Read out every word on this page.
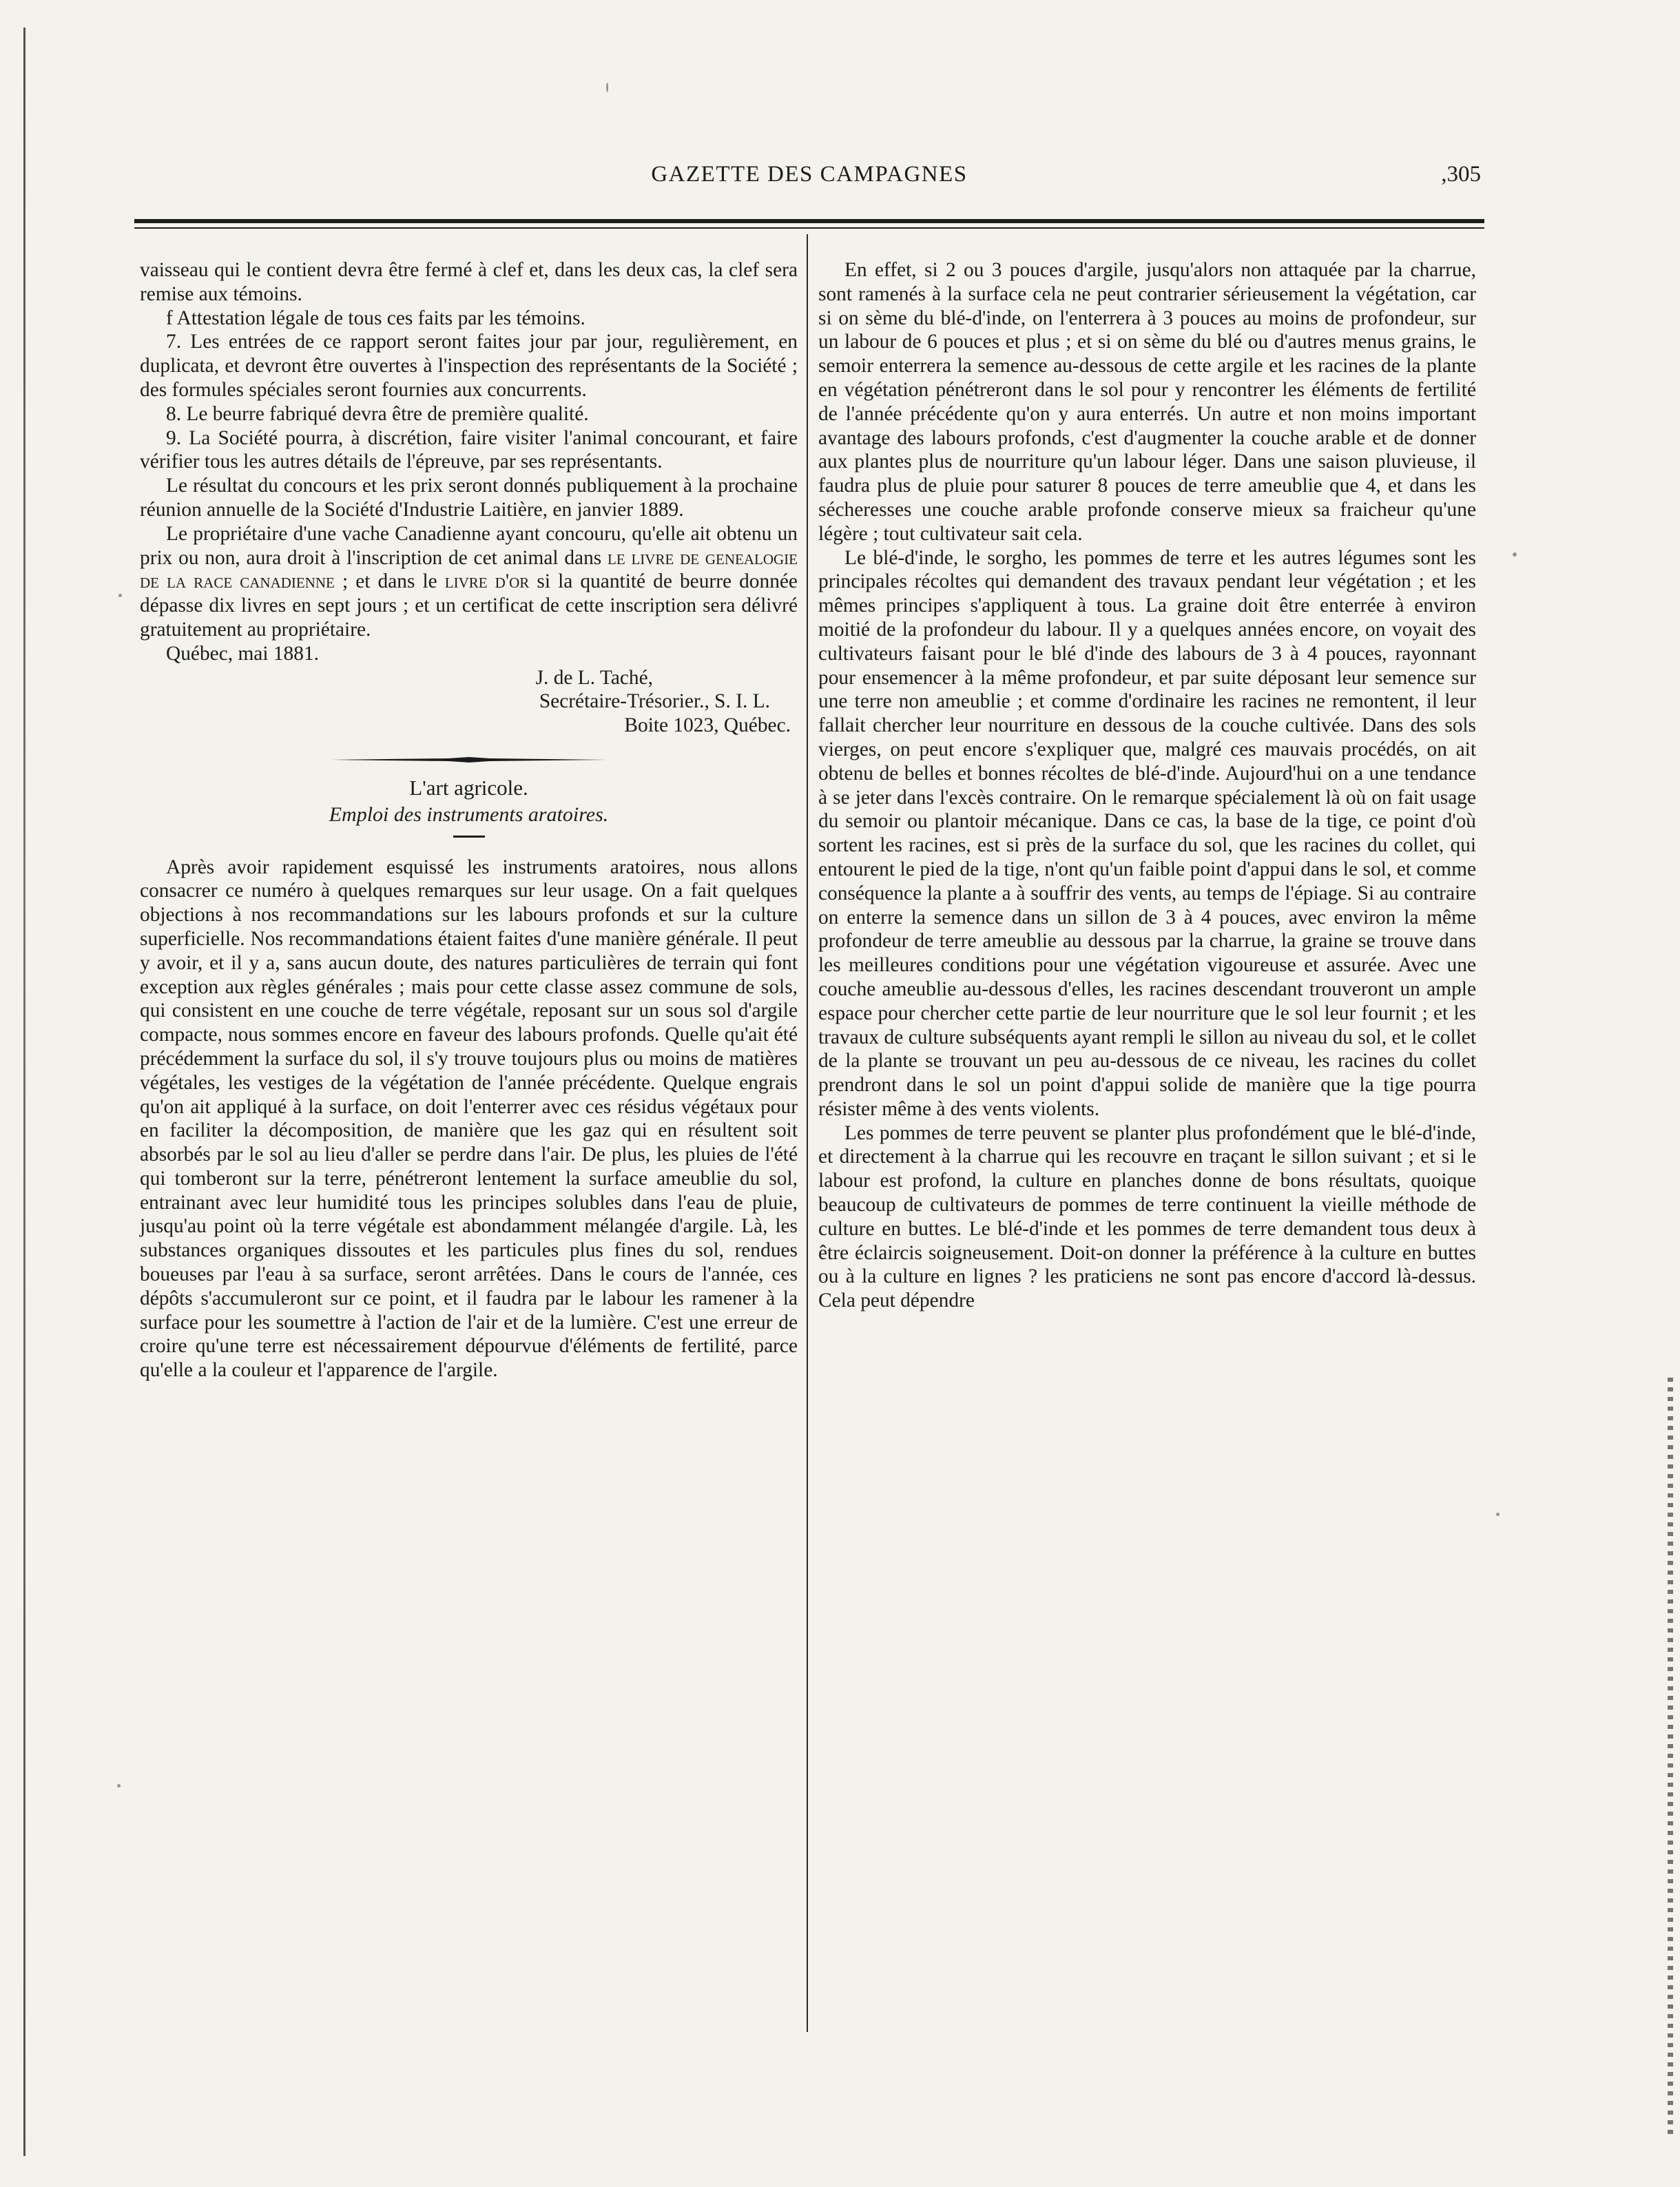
GAZETTE DES CAMPAGNES	,305

vaisseau qui le contient devra être fermé à clef et, dans les deux cas, la clef sera remise aux témoins.

f Attestation légale de tous ces faits par les témoins.

7. Les entrées de ce rapport seront faites jour par jour, regulièrement, en duplicata, et devront être ouvertes à l'inspection des représentants de la Société ; des formules spéciales seront fournies aux concurrents.

8. Le beurre fabriqué devra être de première qualité.

9. La Société pourra, à discrétion, faire visiter l'animal concourant, et faire vérifier tous les autres détails de l'épreuve, par ses représentants.

Le résultat du concours et les prix seront donnés publiquement à la prochaine réunion annuelle de la Société d'Industrie Laitière, en janvier 1889.

Le propriétaire d'une vache Canadienne ayant concouru, qu'elle ait obtenu un prix ou non, aura droit à l'inscription de cet animal dans le livre de genealogie de la race canadienne ; et dans le livre d'or si la quantité de beurre donnée dépasse dix livres en sept jours ; et un certificat de cette inscription sera délivré gratuitement au propriétaire.

Québec, mai 1881.

J. de L. Taché,
Secrétaire-Trésorier., S. I. L.
Boite 1023, Québec.
L'art agricole.
Emploi des instruments aratoires.

Après avoir rapidement esquissé les instruments aratoires, nous allons consacrer ce numéro à quelques remarques sur leur usage. On a fait quelques objections à nos recommandations sur les labours profonds et sur la culture superficielle. Nos recommandations étaient faites d'une manière générale. Il peut y avoir, et il y a, sans aucun doute, des natures particulières de terrain qui font exception aux règles générales ; mais pour cette classe assez commune de sols, qui consistent en une couche de terre végétale, reposant sur un sous sol d'argile compacte, nous sommes encore en faveur des labours profonds. Quelle qu'ait été précédemment la surface du sol, il s'y trouve toujours plus ou moins de matières végétales, les vestiges de la végétation de l'année précédente. Quelque engrais qu'on ait appliqué à la surface, on doit l'enterrer avec ces résidus végétaux pour en faciliter la décomposition, de manière que les gaz qui en résultent soit absorbés par le sol au lieu d'aller se perdre dans l'air. De plus, les pluies de l'été qui tomberont sur la terre, pénétreront lentement la surface ameublie du sol, entrainant avec leur humidité tous les principes solubles dans l'eau de pluie, jusqu'au point où la terre végétale est abondamment mélangée d'argile. Là, les substances organiques dissoutes et les particules plus fines du sol, rendues boueuses par l'eau à sa surface, seront arrêtées. Dans le cours de l'année, ces dépôts s'accumuleront sur ce point, et il faudra par le labour les ramener à la surface pour les soumettre à l'action de l'air et de la lumière. C'est une erreur de croire qu'une terre est nécessairement dépourvue d'éléments de fertilité, parce qu'elle a la couleur et l'apparence de l'argile.

En effet, si 2 ou 3 pouces d'argile, jusqu'alors non attaquée par la charrue, sont ramenés à la surface cela ne peut contrarier sérieusement la végétation, car si on sème du blé-d'inde, on l'enterrera à 3 pouces au moins de profondeur, sur un labour de 6 pouces et plus ; et si on sème du blé ou d'autres menus grains, le semoir enterrera la semence au-dessous de cette argile et les racines de la plante en végétation pénétreront dans le sol pour y rencontrer les éléments de fertilité de l'année précédente qu'on y aura enterrés. Un autre et non moins important avantage des labours profonds, c'est d'augmenter la couche arable et de donner aux plantes plus de nourriture qu'un labour léger. Dans une saison pluvieuse, il faudra plus de pluie pour saturer 8 pouces de terre ameublie que 4, et dans les sécheresses une couche arable profonde conserve mieux sa fraicheur qu'une légère ; tout cultivateur sait cela.

Le blé-d'inde, le sorgho, les pommes de terre et les autres légumes sont les principales récoltes qui demandent des travaux pendant leur végétation ; et les mêmes principes s'appliquent à tous. La graine doit être enterrée à environ moitié de la profondeur du labour. Il y a quelques années encore, on voyait des cultivateurs faisant pour le blé d'inde des labours de 3 à 4 pouces, rayonnant pour ensemencer à la même profondeur, et par suite déposant leur semence sur une terre non ameublie ; et comme d'ordinaire les racines ne remontent, il leur fallait chercher leur nourriture en dessous de la couche cultivée. Dans des sols vierges, on peut encore s'expliquer que, malgré ces mauvais procédés, on ait obtenu de belles et bonnes récoltes de blé-d'inde. Aujourd'hui on a une tendance à se jeter dans l'excès contraire. On le remarque spécialement là où on fait usage du semoir ou plantoir mécanique. Dans ce cas, la base de la tige, ce point d'où sortent les racines, est si près de la surface du sol, que les racines du collet, qui entourent le pied de la tige, n'ont qu'un faible point d'appui dans le sol, et comme conséquence la plante a à souffrir des vents, au temps de l'épiage. Si au contraire on enterre la semence dans un sillon de 3 à 4 pouces, avec environ la même profondeur de terre ameublie au dessous par la charrue, la graine se trouve dans les meilleures conditions pour une végétation vigoureuse et assurée. Avec une couche ameublie au-dessous d'elles, les racines descendant trouveront un ample espace pour chercher cette partie de leur nourriture que le sol leur fournit ; et les travaux de culture subséquents ayant rempli le sillon au niveau du sol, et le collet de la plante se trouvant un peu au-dessous de ce niveau, les racines du collet prendront dans le sol un point d'appui solide de manière que la tige pourra résister même à des vents violents.

Les pommes de terre peuvent se planter plus profondément que le blé-d'inde, et directement à la charrue qui les recouvre en traçant le sillon suivant ; et si le labour est profond, la culture en planches donne de bons résultats, quoique beaucoup de cultivateurs de pommes de terre continuent la vieille méthode de culture en buttes. Le blé-d'inde et les pommes de terre demandent tous deux à être éclaircis soigneusement. Doit-on donner la préférence à la culture en buttes ou à la culture en lignes ? les praticiens ne sont pas encore d'accord là-dessus. Cela peut dépendre
